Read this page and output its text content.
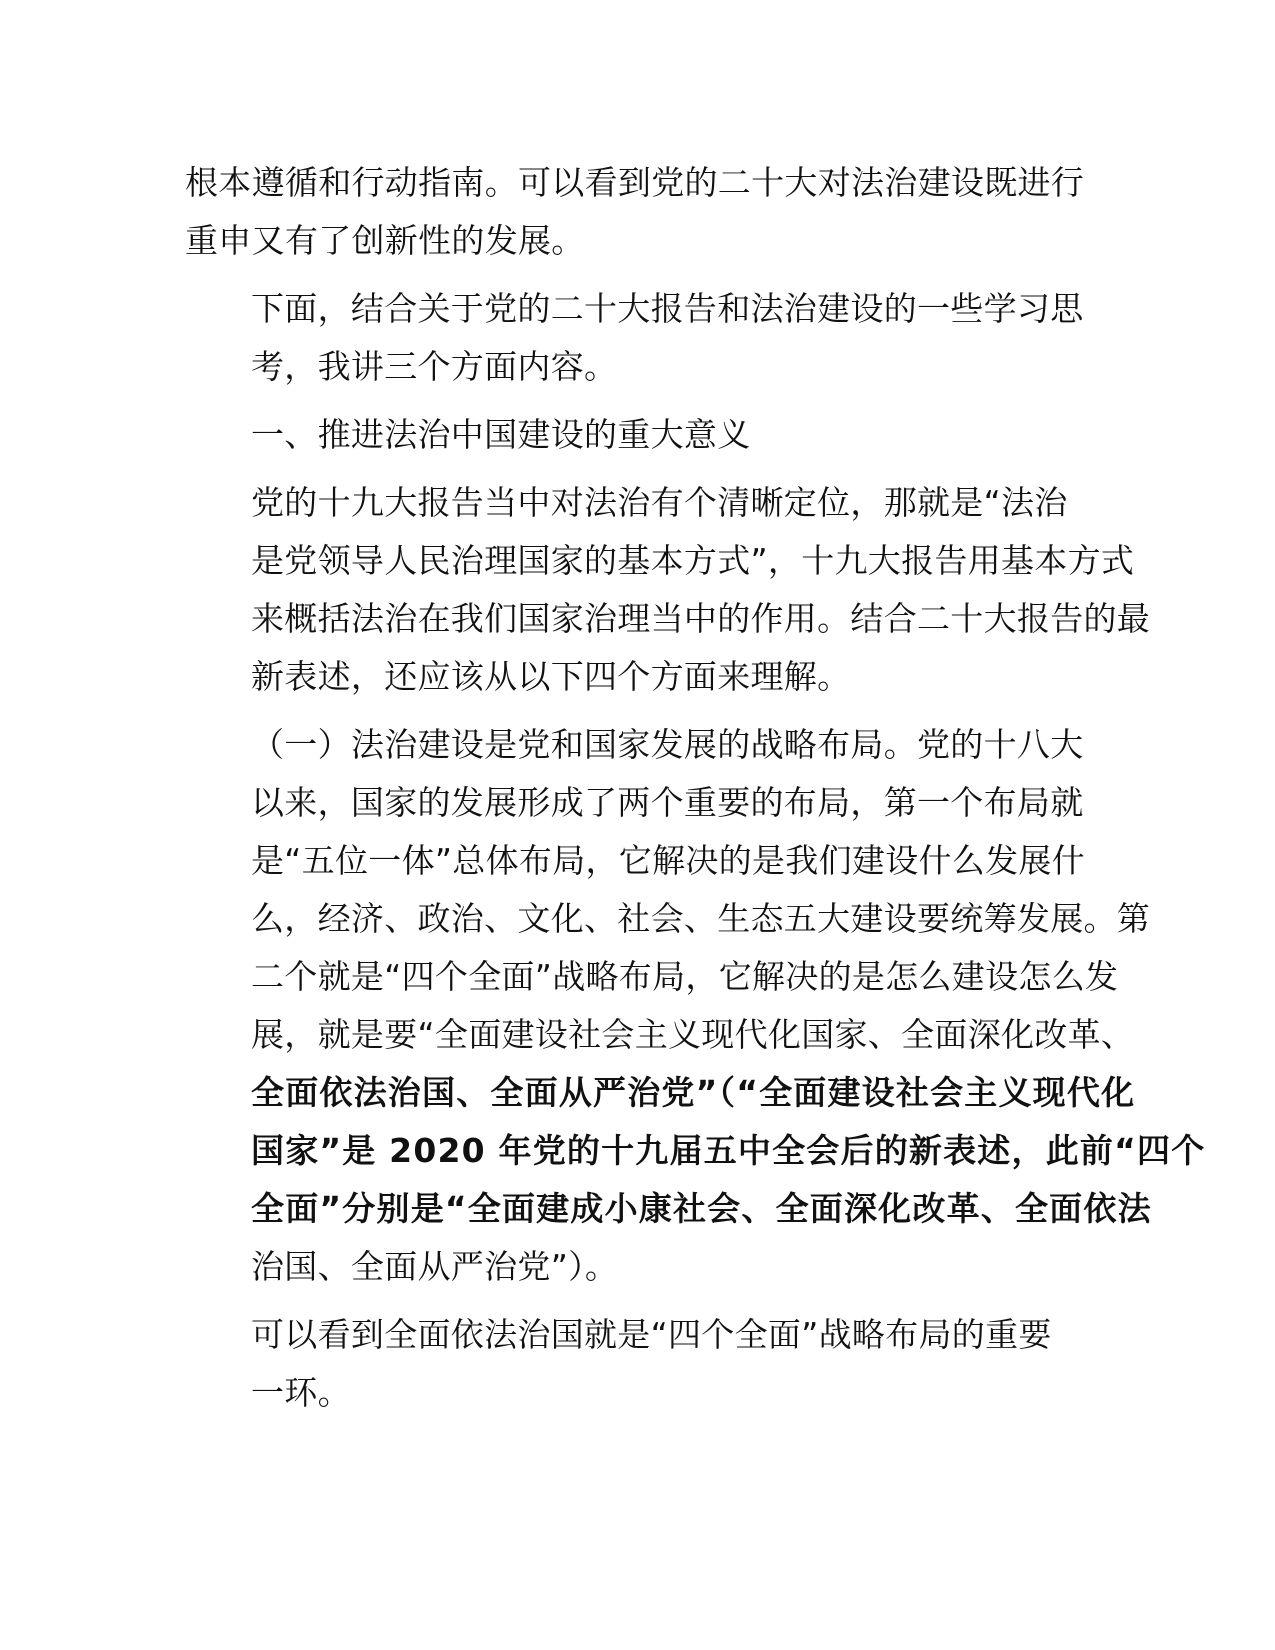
根本遵循和行动指南。可以看到党的二十大对法治建设既进行
重申又有了创新性的发展。

下面，结合关于党的二十大报告和法治建设的一些学习思
考，我讲三个方面内容。

一、推进法治中国建设的重大意义

党的十九大报告当中对法治有个清晰定位，那就是“法治
是党领导人民治理国家的基本方式”，十九大报告用基本方式
来概括法治在我们国家治理当中的作用。结合二十大报告的最
新表述，还应该从以下四个方面来理解。

（一）法治建设是党和国家发展的战略布局。党的十八大
以来，国家的发展形成了两个重要的布局，第一个布局就
是“五位一体”总体布局，它解决的是我们建设什么发展什
么，经济、政治、文化、社会、生态五大建设要统筹发展。第
二个就是“四个全面”战略布局，它解决的是怎么建设怎么发
展，就是要“全面建设社会主义现代化国家、全面深化改革、
全面依法治国、全面从严治党”（“全面建设社会主义现代化
国家”是 2020 年党的十九届五中全会后的新表述，此前“四个
全面”分别是“全面建成小康社会、全面深化改革、全面依法
治国、全面从严治党”）。

可以看到全面依法治国就是“四个全面”战略布局的重要
一环。
